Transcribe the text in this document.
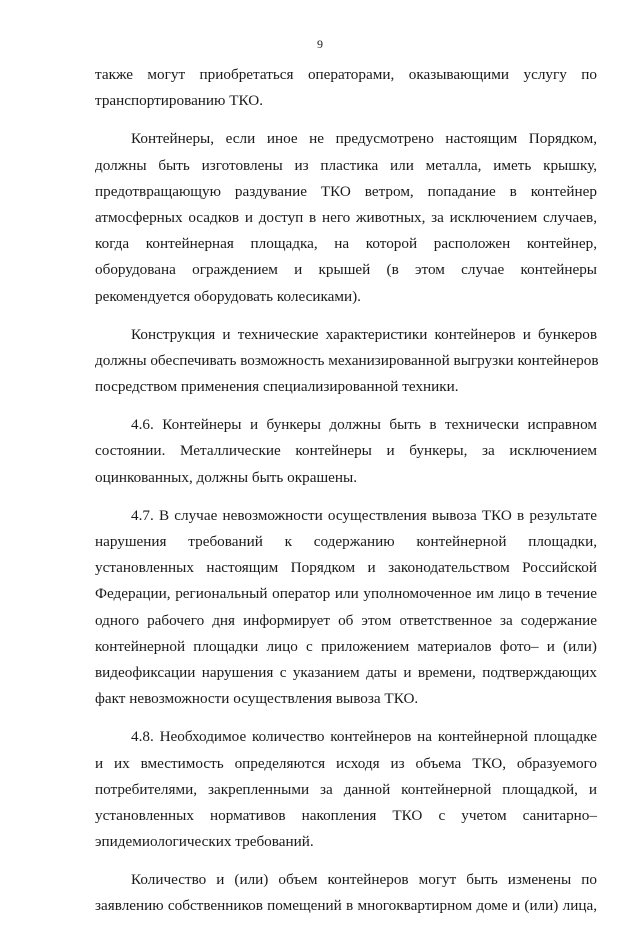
9
также могут приобретаться операторами, оказывающими услугу по
транспортированию ТКО.
Контейнеры, если иное не предусмотрено настоящим Порядком,
должны быть изготовлены из пластика или металла, иметь крышку,
предотвращающую раздувание ТКО ветром, попадание в контейнер
атмосферных осадков и доступ в него животных, за исключением случаев,
когда контейнерная площадка, на которой расположен контейнер,
оборудована ограждением и крышей (в этом случае контейнеры
рекомендуется оборудовать колесиками).
Конструкция и технические характеристики контейнеров и бункеров
должны обеспечивать возможность механизированной выгрузки контейнеров
посредством применения специализированной техники.
4.6. Контейнеры и бункеры должны быть в технически исправном
состоянии. Металлические контейнеры и бункеры, за исключением
оцинкованных, должны быть окрашены.
4.7. В случае невозможности осуществления вывоза ТКО в результате
нарушения требований к содержанию контейнерной площадки,
установленных настоящим Порядком и законодательством Российской
Федерации, региональный оператор или уполномоченное им лицо в течение
одного рабочего дня информирует об этом ответственное за содержание
контейнерной площадки лицо с приложением материалов фото– и (или)
видеофиксации нарушения с указанием даты и времени, подтверждающих
факт невозможности осуществления вывоза ТКО.
4.8. Необходимое количество контейнеров на контейнерной площадке
и их вместимость определяются исходя из объема ТКО, образуемого
потребителями, закрепленными за данной контейнерной площадкой, и
установленных нормативов накопления ТКО с учетом санитарно–
эпидемиологических требований.
Количество и (или) объем контейнеров могут быть изменены по
заявлению собственников помещений в многоквартирном доме и (или) лица,
